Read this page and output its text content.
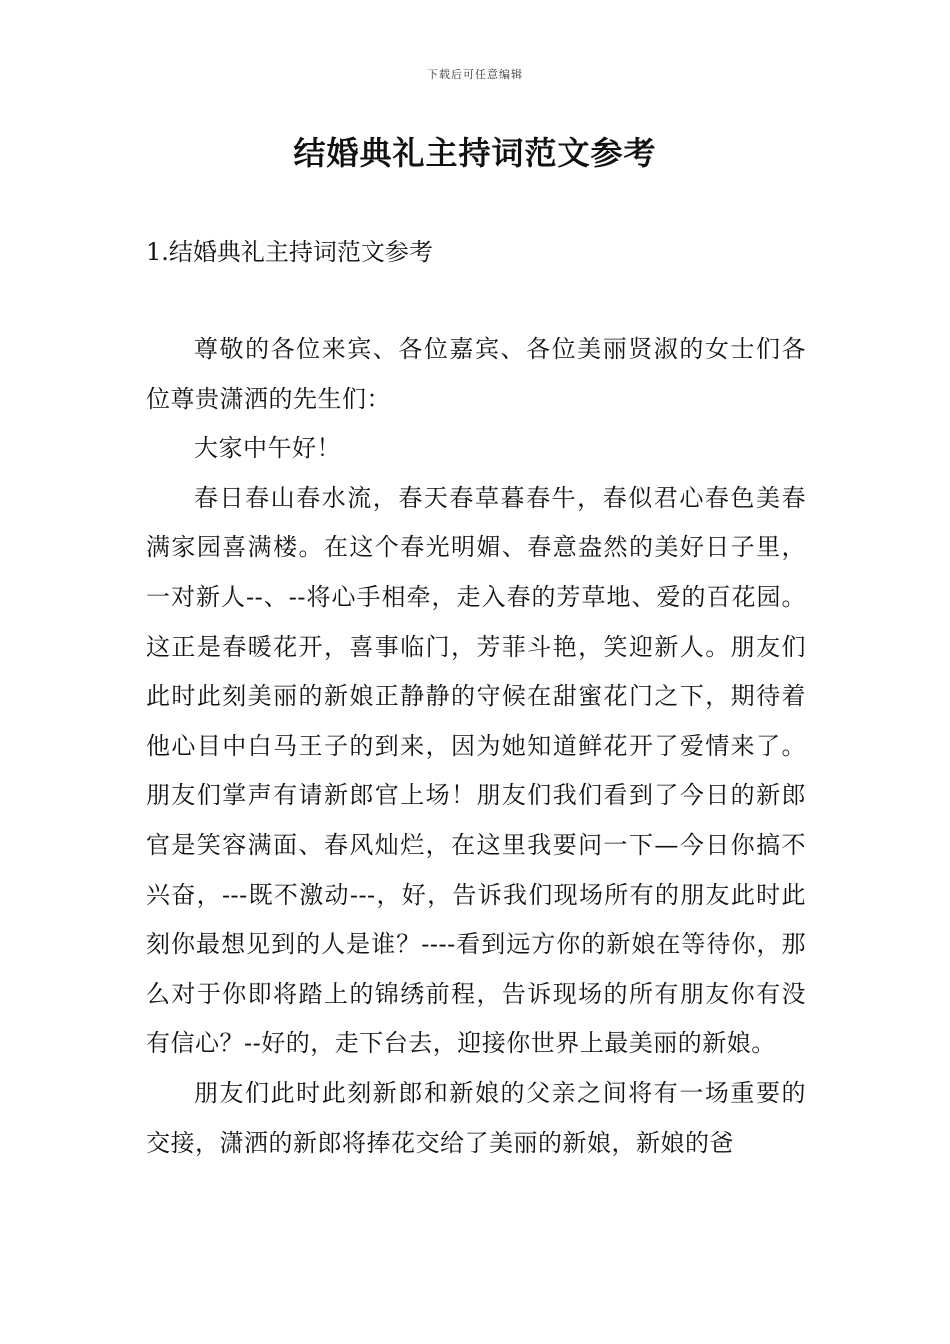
下载后可任意编辑
结婚典礼主持词范文参考
1.结婚典礼主持词范文参考

尊敬的各位来宾、各位嘉宾、各位美丽贤淑的女士们各位尊贵潇洒的先生们：

大家中午好！

春日春山春水流，春天春草暮春牛，春似君心春色美春满家园喜满楼。在这个春光明媚、春意盎然的美好日子里，一对新人--、--将心手相牵，走入春的芳草地、爱的百花园。这正是春暖花开，喜事临门，芳菲斗艳，笑迎新人。朋友们此时此刻美丽的新娘正静静的守候在甜蜜花门之下，期待着他心目中白马王子的到来，因为她知道鲜花开了爱情来了。朋友们掌声有请新郎官上场！朋友们我们看到了今日的新郎官是笑容满面、春风灿烂，在这里我要问一下—今日你搞不兴奋，---既不激动---，好，告诉我们现场所有的朋友此时此刻你最想见到的人是谁？----看到远方你的新娘在等待你，那么对于你即将踏上的锦绣前程，告诉现场的所有朋友你有没有信心？--好的，走下台去，迎接你世界上最美丽的新娘。

朋友们此时此刻新郎和新娘的父亲之间将有一场重要的交接，潇洒的新郎将捧花交给了美丽的新娘，新娘的爸
